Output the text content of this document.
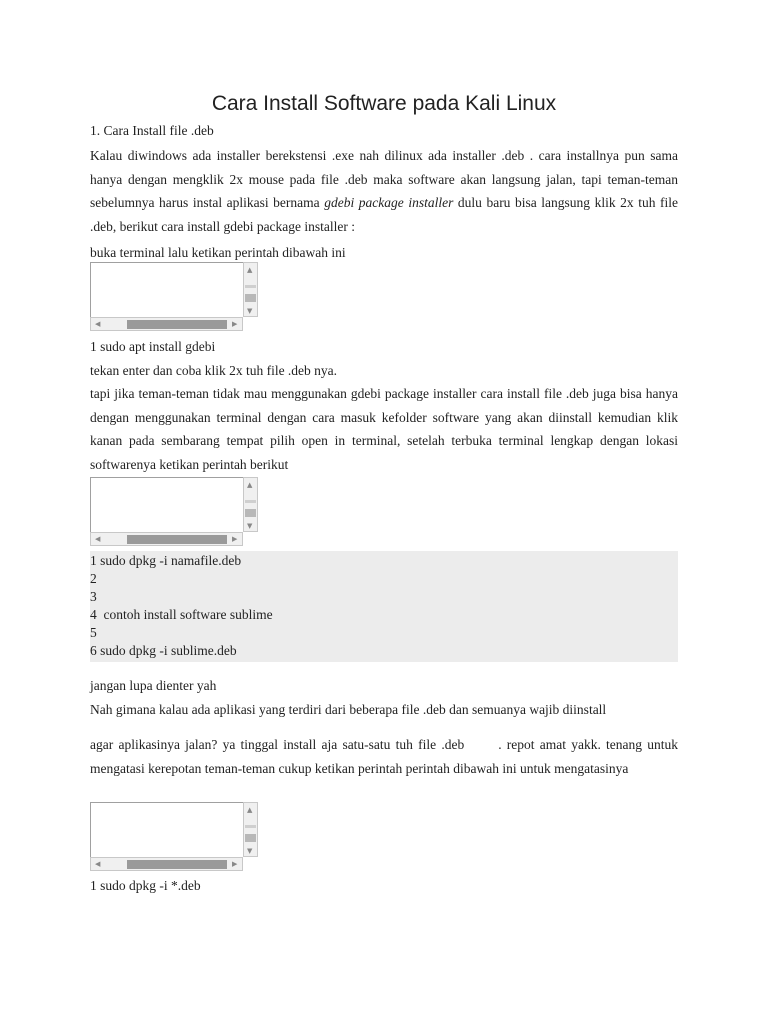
Cara Install Software pada Kali Linux

1. Cara Install file .deb

Kalau diwindows ada installer berekstensi .exe nah dilinux ada installer .deb . cara installnya pun sama hanya dengan mengklik 2x mouse pada file .deb maka software akan langsung jalan, tapi teman-teman sebelumnya harus instal aplikasi bernama gdebi package installer dulu baru bisa langsung klik 2x tuh file .deb, berikut cara install gdebi package installer :

buka terminal lalu ketikan perintah dibawah ini

▲
▼
◀	▶
1 sudo apt install gdebi

tekan enter dan coba klik 2x tuh file .deb nya.

tapi jika teman-teman tidak mau menggunakan gdebi package installer cara install file .deb juga bisa hanya dengan menggunakan terminal dengan cara masuk kefolder software yang akan diinstall kemudian klik kanan pada sembarang tempat pilih open in terminal, setelah terbuka terminal lengkap dengan lokasi softwarenya ketikan perintah berikut

▲
▼
◀	▶
1 sudo dpkg -i namafile.deb
2
3
4  contoh install software sublime
5
6 sudo dpkg -i sublime.deb

jangan lupa dienter yah

Nah gimana kalau ada aplikasi yang terdiri dari beberapa file .deb dan semuanya wajib diinstall

agar aplikasinya jalan? ya tinggal install aja satu-satu tuh file .deb	. repot amat yakk. tenang untuk mengatasi kerepotan teman-teman cukup ketikan perintah perintah dibawah ini untuk mengatasinya

▲
▼
◀	▶
1 sudo dpkg -i *.deb
